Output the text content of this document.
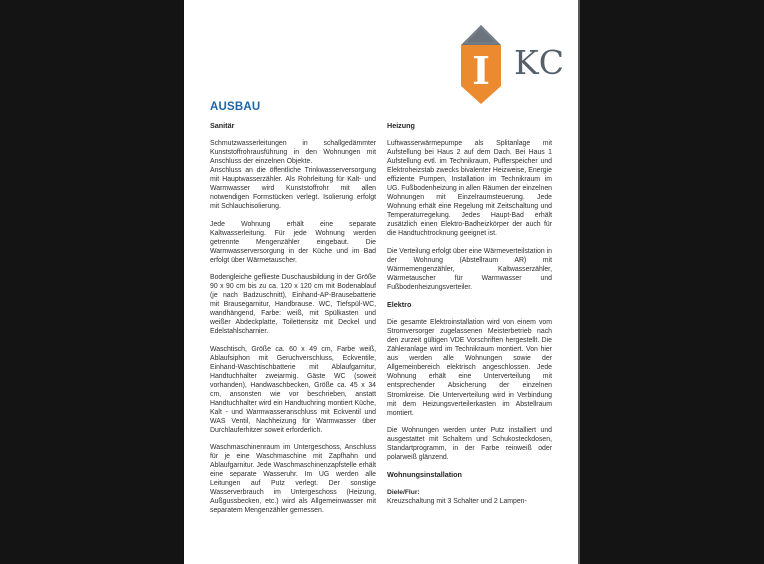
I KC
AUSBAU
Sanitär

Schmutzwasserleitungen in schallgedämmter Kunststoffrohrausführung in den Wohnungen mit Anschluss der einzelnen Objekte.
Anschluss an die öffentliche Trinkwasserversorgung mit Hauptwasserzähler. Als Rohrleitung für Kalt- und Warmwasser wird Kunststoffrohr mit allen notwendigen Formstücken verlegt. Isolierung erfolgt mit Schlauchisolierung.

Jede Wohnung erhält eine separate Kaltwasserleitung. Für jede Wohnung werden getrennte Mengenzähler eingebaut. Die Warmwasserversorgung in der Küche und im Bad erfolgt über Wärmetauscher.

Bodengleiche geflieste Duschausbildung in der Größe 90 x 90 cm bis zu ca. 120 x 120 cm mit Bodenablauf (je nach Badzuschnitt), Einhand-AP-Brausebatterie mit Brausegarnitur, Handbrause. WC, Tiefspül-WC, wandhängend, Farbe: weiß, mit Spülkasten und weißer Abdeckplatte, Toilettensitz mit Deckel und Edelstahlscharnier.

Waschtisch, Größe ca. 60 x 49 cm, Farbe weiß, Ablaufsiphon mit Geruchverschluss, Eckventile, Einhand-Waschtischbatterie mit Ablaufgarnitur, Handtuchhalter zweiarmig. Gäste WC (soweit vorhanden), Handwaschbecken, Größe ca. 45 x 34 cm, ansonsten wie vor beschrieben, anstatt Handtuchhalter wird ein Handtuchring montiert Küche, Kalt - und Warmwasseranschluss mit Eckventil und WAS Ventil, Nachheizung für Warmwasser über Durchlauferhitzer soweit erforderlich.

Waschmaschinenraum im Untergeschoss, Anschluss für je eine Waschmaschine mit Zapfhahn und Ablaufgarnitur. Jede Waschmaschinenzapfstelle erhält eine separate Wasseruhr. Im UG werden alle Leitungen auf Putz verlegt. Der sonstige Wasserverbrauch im Untergeschoss (Heizung, Außgussbecken, etc.) wird als Allgemeinwasser mit separatem Mengenzähler gemessen.

Heizung

Luftwasserwärmepumpe als Splitanlage mit Aufstellung bei Haus 2 auf dem Dach. Bei Haus 1 Aufstellung evtl. im Technikraum, Pufferspeicher und Elektroheizstab zwecks bivalenter Heizweise, Energie effiziente Pumpen, Installation im Technikraum im UG. Fußbodenheizung in allen Räumen der einzelnen Wohnungen mit Einzelraumsteuerung. Jede Wohnung erhält eine Regelung mit Zeitschaltung und Temperaturregelung. Jedes Haupt-Bad erhält zusätzlich einen Elektro-Badheizkörper der auch für die Handtuchtrocknung geeignet ist.

Die Verteilung erfolgt über eine Wärmeverteilstation in der Wohnung (Abstellraum AR) mit Wärmemengenzähler, Kaltwasserzähler, Wärmetauscher für Warmwasser und Fußbodenheizungsverteiler.

Elektro

Die gesamte Elektroinstallation wird von einem vom Stromversorger zugelassenen Meisterbetrieb nach den zurzeit gültigen VDE Vorschriften hergestellt. Die Zähleranlage wird im Technikraum montiert. Von hier aus werden alle Wohnungen sowie der Allgemeinbereich elektrisch angeschlossen. Jede Wohnung erhält eine Unterverteilung mit entsprechender Absicherung der einzelnen Stromkreise. Die Unterverteilung wird in Verbindung mit dem Heizungsverteilerkasten im Abstellraum montiert.

Die Wohnungen werden unter Putz installiert und ausgestattet mit Schaltern und Schukosteckdosen, Standartprogramm, in der Farbe reinweiß oder polarweiß glänzend.

Wohnungsinstallation

Diele/Flur:

Kreuzschaltung mit 3 Schalter und 2 Lampen-
